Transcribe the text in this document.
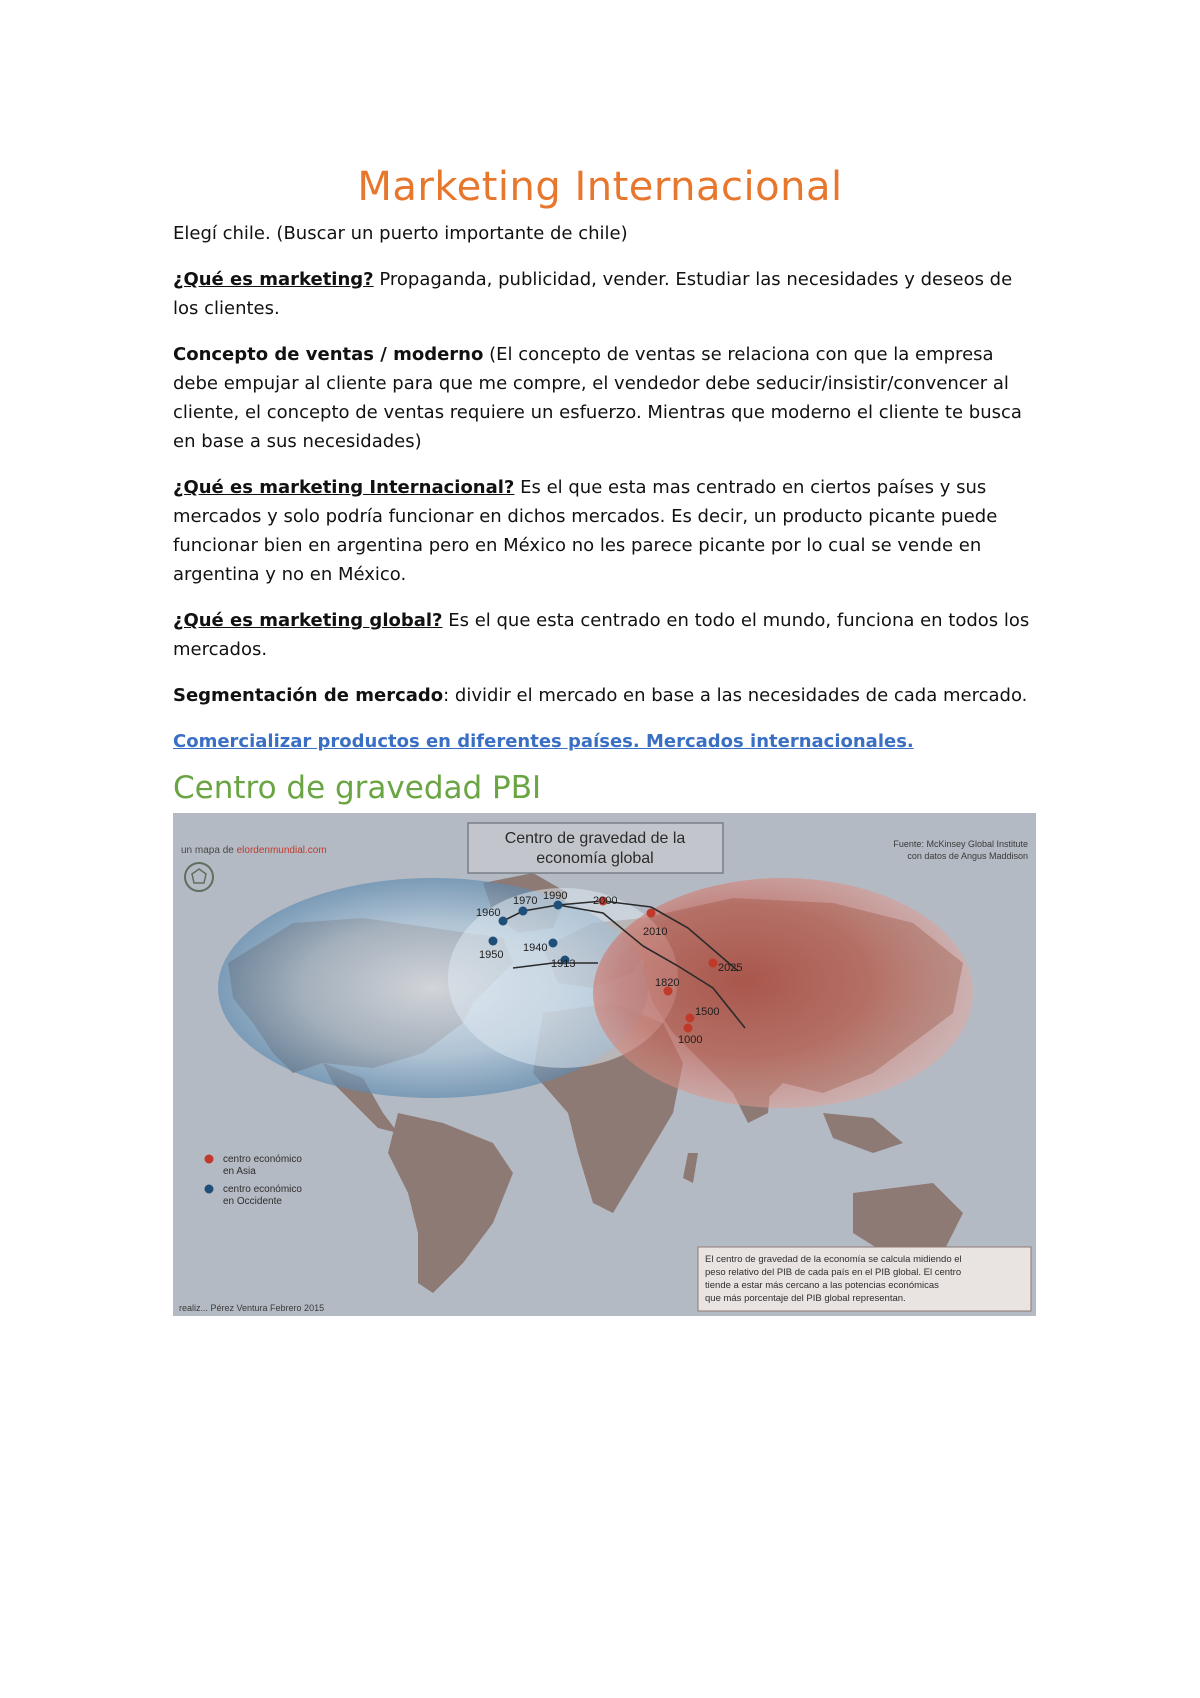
Marketing Internacional

Elegí chile. (Buscar un puerto importante de chile)

¿Qué es marketing? Propaganda, publicidad, vender. Estudiar las necesidades y deseos de los clientes.

Concepto de ventas / moderno (El concepto de ventas se relaciona con que la empresa debe empujar al cliente para que me compre, el vendedor debe seducir/insistir/convencer al cliente, el concepto de ventas requiere un esfuerzo. Mientras que moderno el cliente te busca en base a sus necesidades)

¿Qué es marketing Internacional? Es el que esta mas centrado en ciertos países y sus mercados y solo podría funcionar en dichos mercados. Es decir, un producto picante puede funcionar bien en argentina pero en México no les parece picante por lo cual se vende en argentina y no en México.

¿Qué es marketing global? Es el que esta centrado en todo el mundo, funciona en todos los mercados.

Segmentación de mercado: dividir el mercado en base a las necesidades de cada mercado.

Comercializar productos en diferentes países. Mercados internacionales.

Centro de gravedad PBI
Centro de gravedad de la
economía global
un mapa de elordenmundial.com
Fuente: McKinsey Global Institute
con datos de Angus Maddison
1960
1970 1990 2000
2010
2025
1950
1940
1913
1820
1500
1000
centro económico
en Asia
centro económico
en Occidente
El centro de gravedad de la economía se calcula midiendo el
peso relativo del PIB de cada país en el PIB global. El centro
tiende a estar más cercano a las potencias económicas
que más porcentaje del PIB global representan.
realiz... Pérez Ventura Febrero 2015
